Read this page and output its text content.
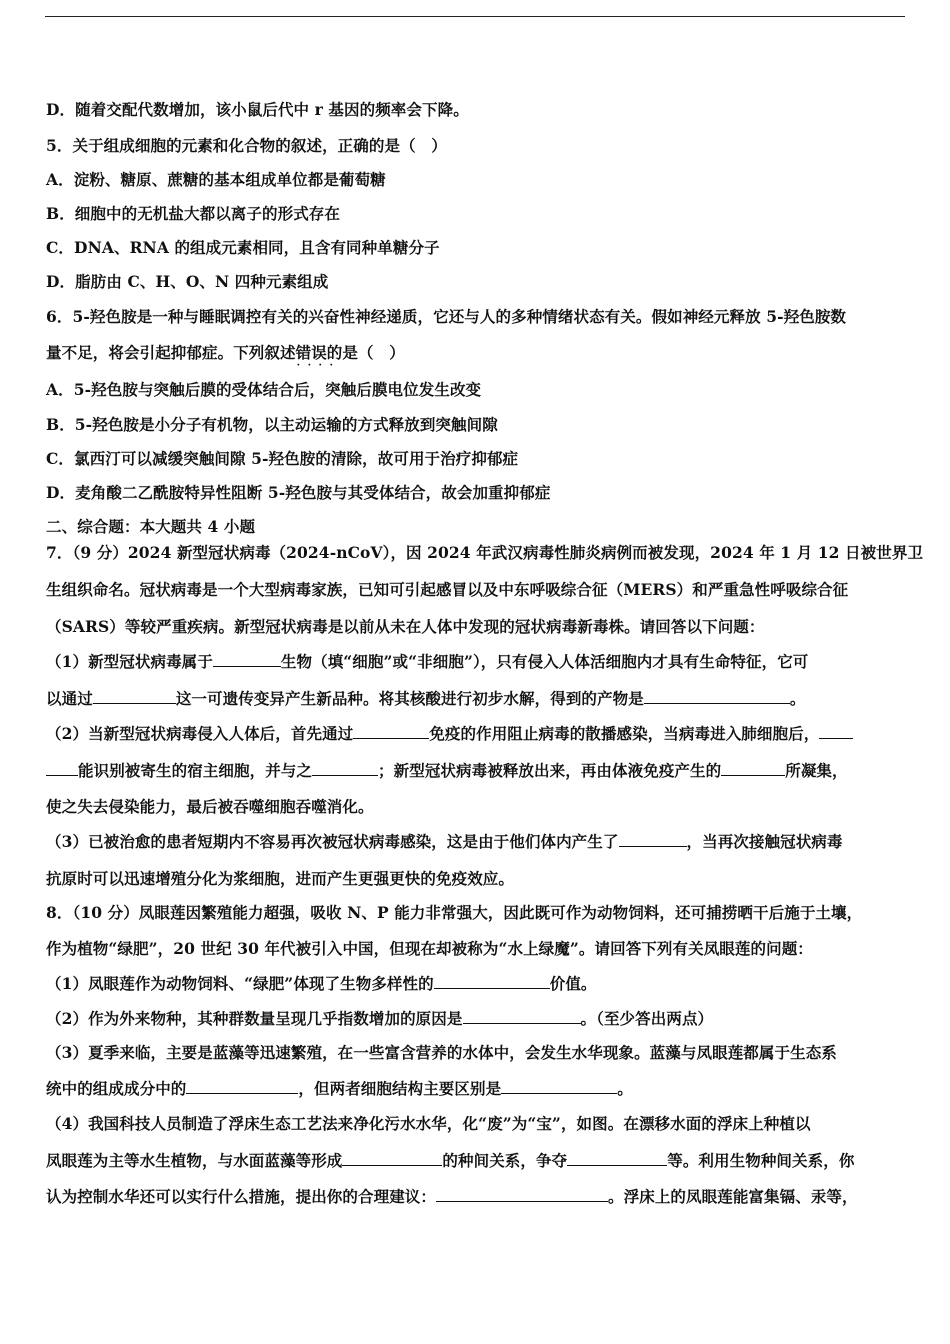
D．随着交配代数增加，该小鼠后代中 r 基因的频率会下降。
5．关于组成细胞的元素和化合物的叙述，正确的是（　）
A．淀粉、糖原、蔗糖的基本组成单位都是葡萄糖
B．细胞中的无机盐大都以离子的形式存在
C．DNA、RNA 的组成元素相同，且含有同种单糖分子
D．脂肪由 C、H、O、N 四种元素组成
6．5-羟色胺是一种与睡眠调控有关的兴奋性神经递质，它还与人的多种情绪状态有关。假如神经元释放 5-羟色胺数
量不足，将会引起抑郁症。下列叙述错误的是 · · · ·（　）
A．5-羟色胺与突触后膜的受体结合后，突触后膜电位发生改变
B．5-羟色胺是小分子有机物，以主动运输的方式释放到突触间隙
C．氯西汀可以减缓突触间隙 5-羟色胺的清除，故可用于治疗抑郁症
D．麦角酸二乙酰胺特异性阻断 5-羟色胺与其受体结合，故会加重抑郁症
二、综合题：本大题共 4 小题
7．（9 分）2024 新型冠状病毒（2024-nCoV），因 2024 年武汉病毒性肺炎病例而被发现，2024 年 1 月 12 日被世界卫
生组织命名。冠状病毒是一个大型病毒家族，已知可引起感冒以及中东呼吸综合征（MERS）和严重急性呼吸综合征
（SARS）等较严重疾病。新型冠状病毒是以前从未在人体中发现的冠状病毒新毒株。请回答以下问题：
（1）新型冠状病毒属于	生物（填“细胞”或“非细胞”），只有侵入人体活细胞内才具有生命特征，它可
以通过	这一可遗传变异产生新品种。将其核酸进行初步水解，得到的产物是	。
（2）当新型冠状病毒侵入人体后，首先通过	免疫的作用阻止病毒的散播感染，当病毒进入肺细胞后，
能识别被寄生的宿主细胞，并与之	；新型冠状病毒被释放出来，再由体液免疫产生的	所凝集，
使之失去侵染能力，最后被吞噬细胞吞噬消化。
（3）已被治愈的患者短期内不容易再次被冠状病毒感染，这是由于他们体内产生了	，当再次接触冠状病毒
抗原时可以迅速增殖分化为浆细胞，进而产生更强更快的免疫效应。
8．（10 分）凤眼莲因繁殖能力超强，吸收 N、P 能力非常强大，因此既可作为动物饲料，还可捕捞晒干后施于土壤，
作为植物“绿肥”，20 世纪 30 年代被引入中国，但现在却被称为“水上绿魔”。请回答下列有关凤眼莲的问题：
（1）凤眼莲作为动物饲料、“绿肥”体现了生物多样性的	价值。
（2）作为外来物种，其种群数量呈现几乎指数增加的原因是	。（至少答出两点）
（3）夏季来临，主要是蓝藻等迅速繁殖，在一些富含营养的水体中，会发生水华现象。蓝藻与凤眼莲都属于生态系
统中的组成成分中的	，但两者细胞结构主要区别是	。
（4）我国科技人员制造了浮床生态工艺法来净化污水水华，化“废”为“宝”，如图。在漂移水面的浮床上种植以
凤眼莲为主等水生植物，与水面蓝藻等形成	的种间关系，争夺	等。利用生物种间关系，你
认为控制水华还可以实行什么措施，提出你的合理建议：	。浮床上的凤眼莲能富集镉、汞等，
